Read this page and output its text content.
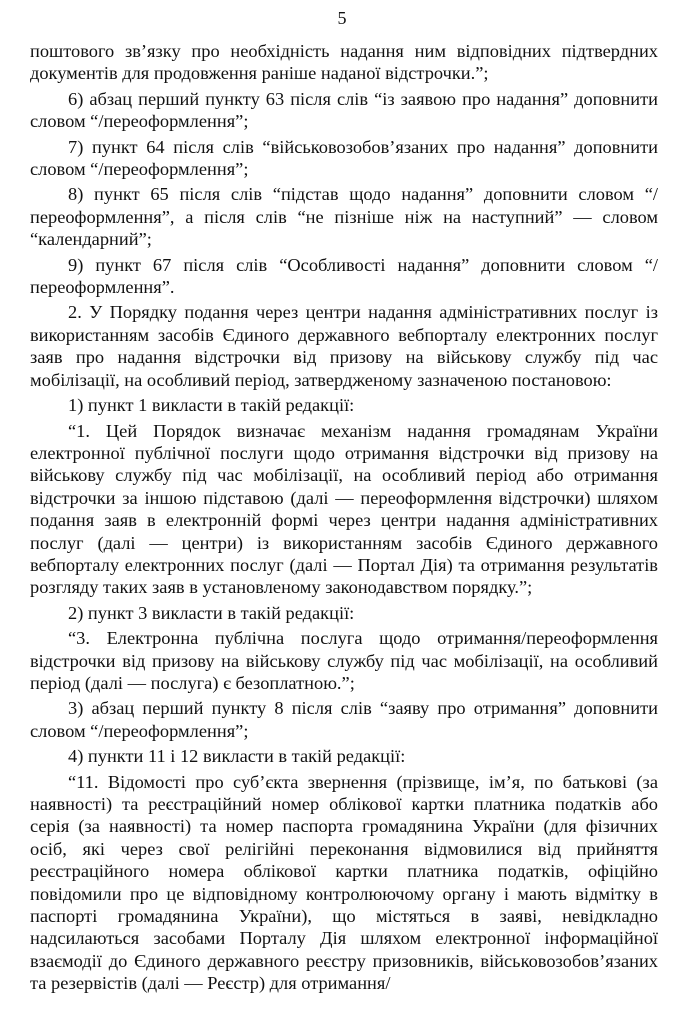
5

поштового зв’язку про необхідність надання ним відповідних підтвердних документів для продовження раніше наданої відстрочки.”;

6) абзац перший пункту 63 після слів “із заявою про надання” доповнити словом “/переоформлення”;

7) пункт 64 після слів “військовозобов’язаних про надання” доповнити словом “/переоформлення”;

8) пункт 65 після слів “підстав щодо надання” доповнити словом “/переоформлення”, а після слів “не пізніше ніж на наступний” — словом “календарний”;

9) пункт 67 після слів “Особливості надання” доповнити словом “/переоформлення”.

2. У Порядку подання через центри надання адміністративних послуг із використанням засобів Єдиного державного вебпорталу електронних послуг заяв про надання відстрочки від призову на військову службу під час мобілізації, на особливий період, затвердженому зазначеною постановою:

1) пункт 1 викласти в такій редакції:

“1. Цей Порядок визначає механізм надання громадянам України електронної публічної послуги щодо отримання відстрочки від призову на військову службу під час мобілізації, на особливий період або отримання відстрочки за іншою підставою (далі — переоформлення відстрочки) шляхом подання заяв в електронній формі через центри надання адміністративних послуг (далі — центри) із використанням засобів Єдиного державного вебпорталу електронних послуг (далі — Портал Дія) та отримання результатів розгляду таких заяв в установленому законодавством порядку.”;

2) пункт 3 викласти в такій редакції:

“3. Електронна публічна послуга щодо отримання/переоформлення відстрочки від призову на військову службу під час мобілізації, на особливий період (далі — послуга) є безоплатною.”;

3) абзац перший пункту 8 після слів “заяву про отримання” доповнити словом “/переоформлення”;

4) пункти 11 і 12 викласти в такій редакції:

“11. Відомості про суб’єкта звернення (прізвище, ім’я, по батькові (за наявності) та реєстраційний номер облікової картки платника податків або серія (за наявності) та номер паспорта громадянина України (для фізичних осіб, які через свої релігійні переконання відмовилися від прийняття реєстраційного номера облікової картки платника податків, офіційно повідомили про це відповідному контролюючому органу і мають відмітку в паспорті громадянина України), що містяться в заяві, невідкладно надсилаються засобами Порталу Дія шляхом електронної інформаційної взаємодії до Єдиного державного реєстру призовників, військовозобов’язаних та резервістів (далі — Реєстр) для отримання/
